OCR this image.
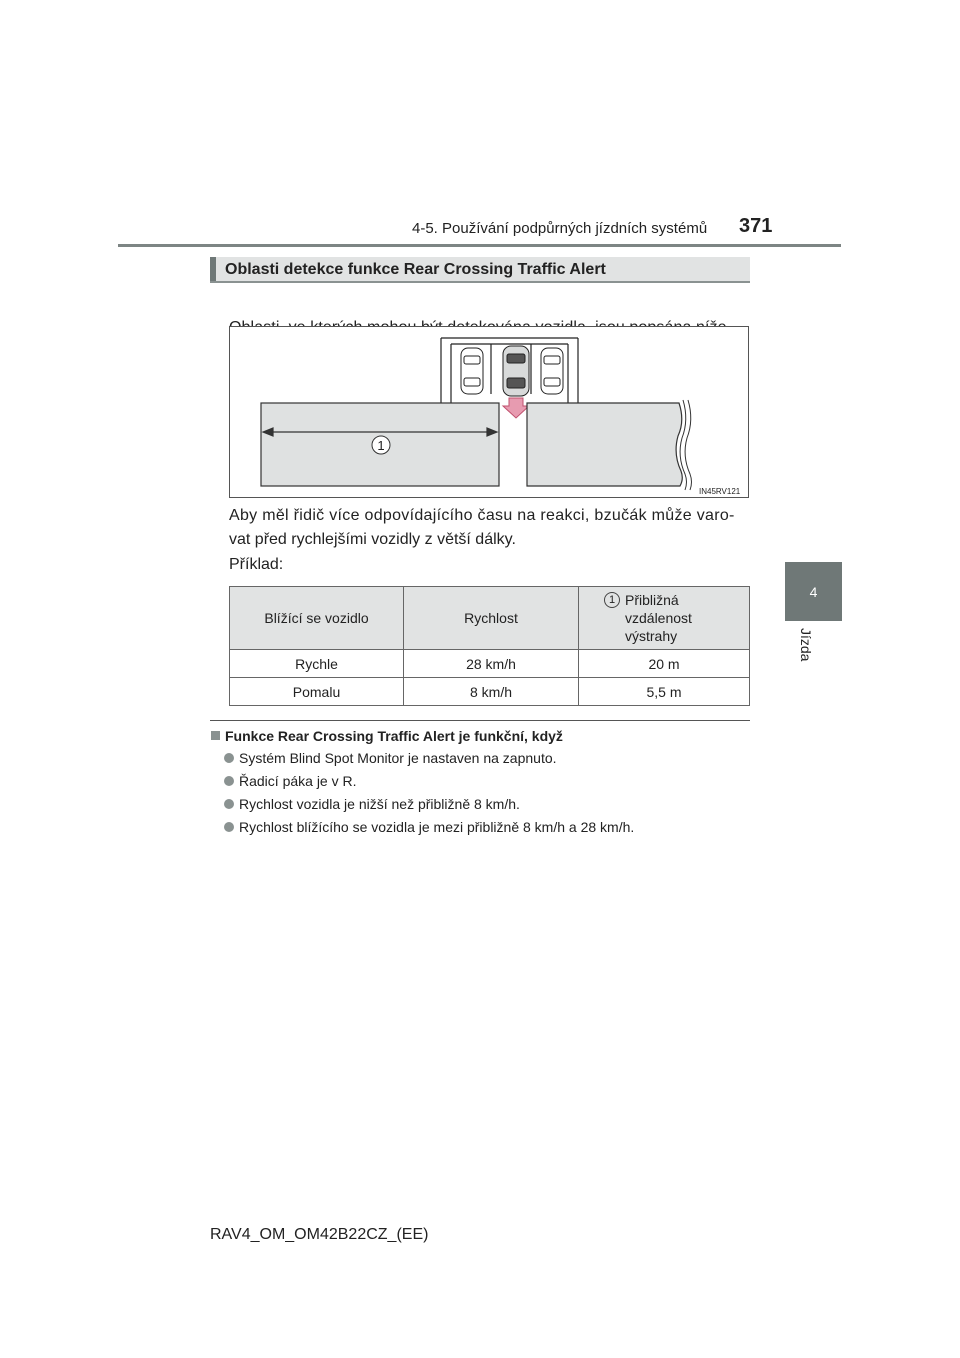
4-5. Používání podpůrných jízdních systémů 371
4
Jízda
Oblasti detekce funkce Rear Crossing Traffic Alert
1
IN45RV121
Aby měl řidič více odpovídajícího času na reakci, bzučák může varo-
vat před rychlejšími vozidly z větší dálky.
Příklad:
Blížící se vozidlo	Rychlost	1 Přibližná
vzdálenost
výstrahy

Rychle	28 km/h	20 m
Pomalu	8 km/h	5,5 m
Funkce Rear Crossing Traffic Alert je funkční, když
Systém Blind Spot Monitor je nastaven na zapnuto.
Řadicí páka je v R.
Rychlost vozidla je nižší než přibližně 8 km/h.
Rychlost blížícího se vozidla je mezi přibližně 8 km/h a 28 km/h.
RAV4_OM_OM42B22CZ_(EE)
